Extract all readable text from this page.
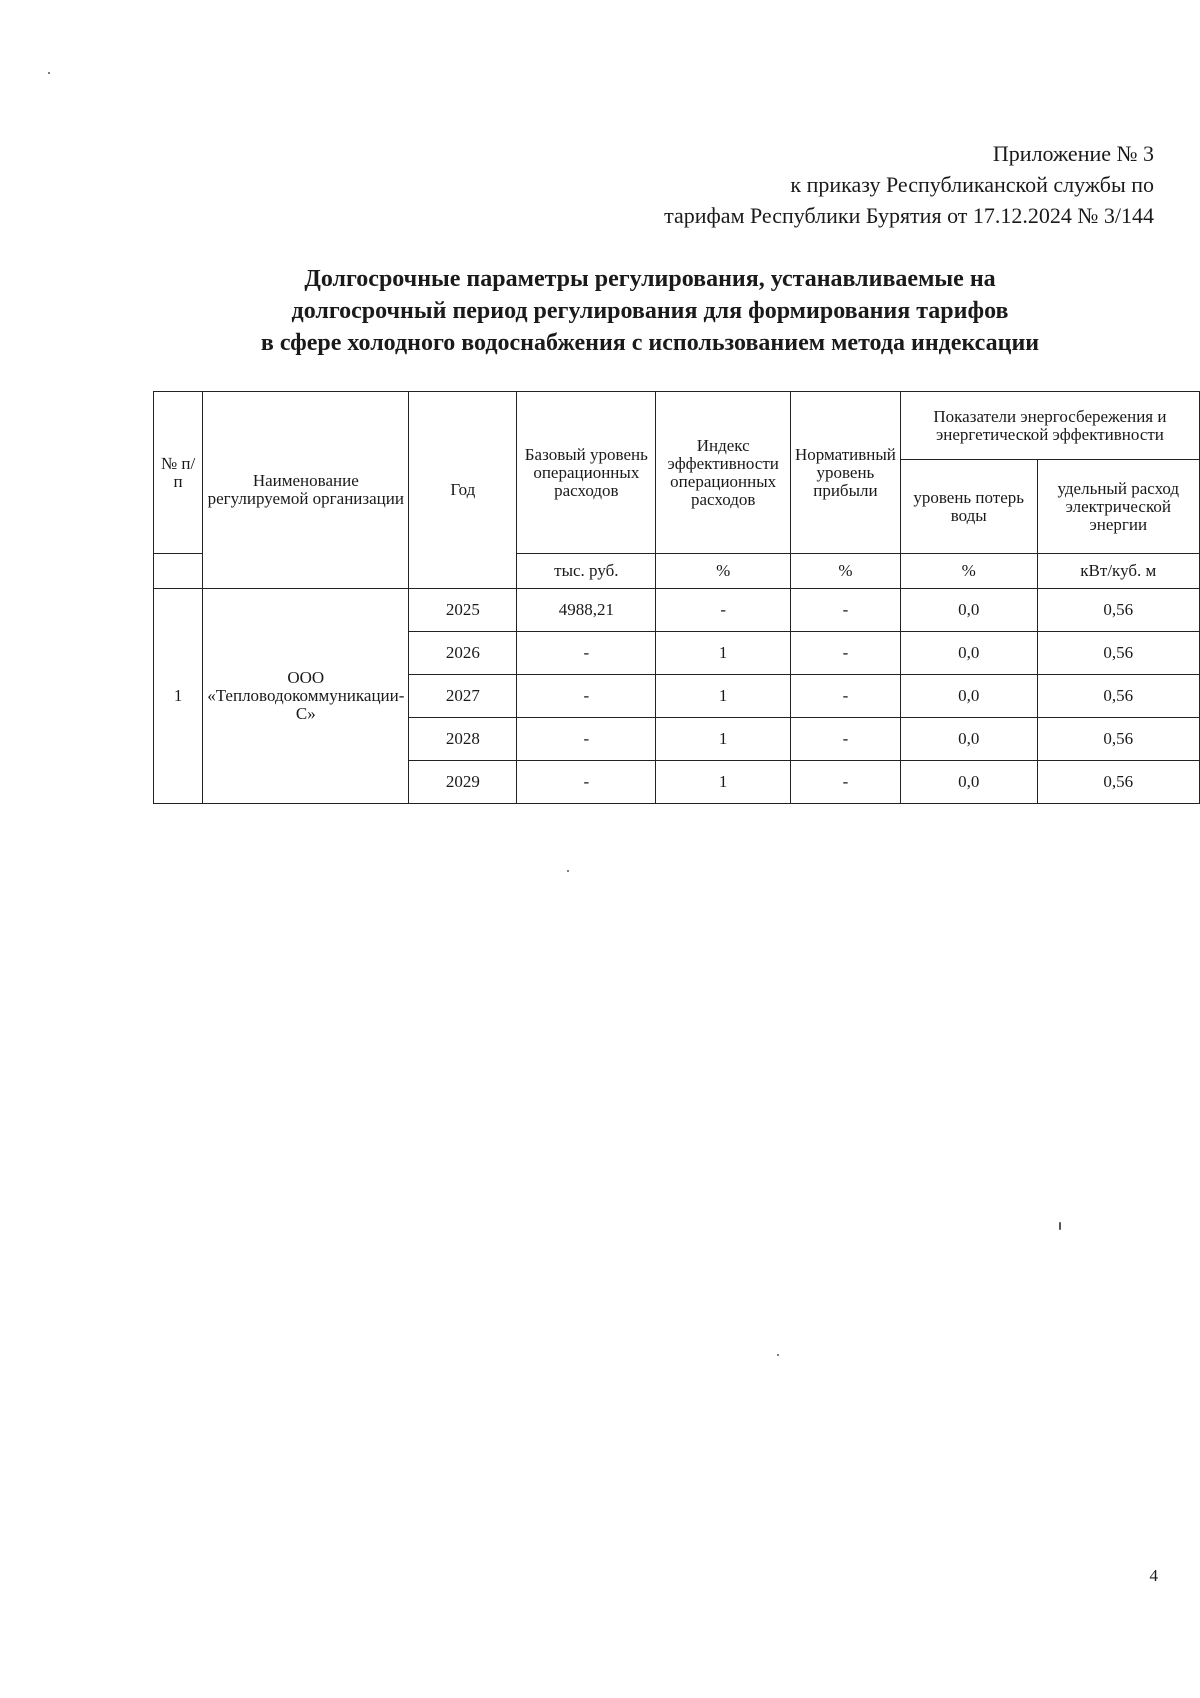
Приложение № 3
к приказу Республиканской службы по
тарифам Республики Бурятия от 17.12.2024 № 3/144
Долгосрочные параметры регулирования, устанавливаемые на
долгосрочный период регулирования для формирования тарифов
в сфере холодного водоснабжения с использованием метода индексации
№ п/п	Наименование регулируемой организации	Год	Базовый уровень операционных расходов	Индекс эффективности операционных расходов	Нормативный уровень прибыли	Показатели энергосбережения и энергетической эффективности	
						уровень потерь воды	удельный расход электрической энергии
			тыс. руб.	%	%	%	кВт/куб. м
1	ООО «Тепловодокоммуникации-С»	2025	4988,21	-	-	0,0	0,56
		2026	-	1	-	0,0	0,56
		2027	-	1	-	0,0	0,56
		2028	-	1	-	0,0	0,56
		2029	-	1	-	0,0	0,56
4
